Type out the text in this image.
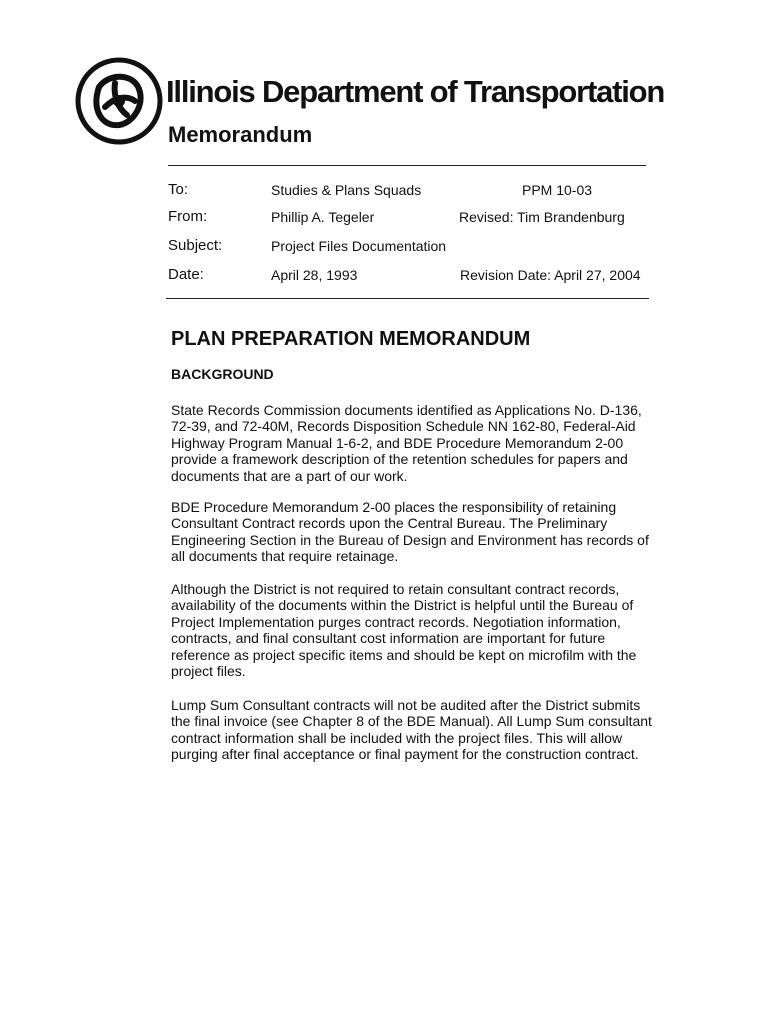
Illinois Department of Transportation
Memorandum
To:	Studies & Plans Squads	PPM 10-03
From:	Phillip A. Tegeler	Revised: Tim Brandenburg
Subject:	Project Files Documentation
Date:	April 28, 1993	Revision Date: April 27, 2004
PLAN PREPARATION MEMORANDUM
BACKGROUND

State Records Commission documents identified as Applications No. D-136, 72-39, and 72-40M, Records Disposition Schedule NN 162-80, Federal-Aid Highway Program Manual 1-6-2, and BDE Procedure Memorandum 2-00 provide a framework description of the retention schedules for papers and documents that are a part of our work.

BDE Procedure Memorandum 2-00 places the responsibility of retaining Consultant Contract records upon the Central Bureau. The Preliminary Engineering Section in the Bureau of Design and Environment has records of all documents that require retainage.

Although the District is not required to retain consultant contract records, availability of the documents within the District is helpful until the Bureau of Project Implementation purges contract records. Negotiation information, contracts, and final consultant cost information are important for future reference as project specific items and should be kept on microfilm with the project files.

Lump Sum Consultant contracts will not be audited after the District submits the final invoice (see Chapter 8 of the BDE Manual). All Lump Sum consultant contract information shall be included with the project files. This will allow purging after final acceptance or final payment for the construction contract.
